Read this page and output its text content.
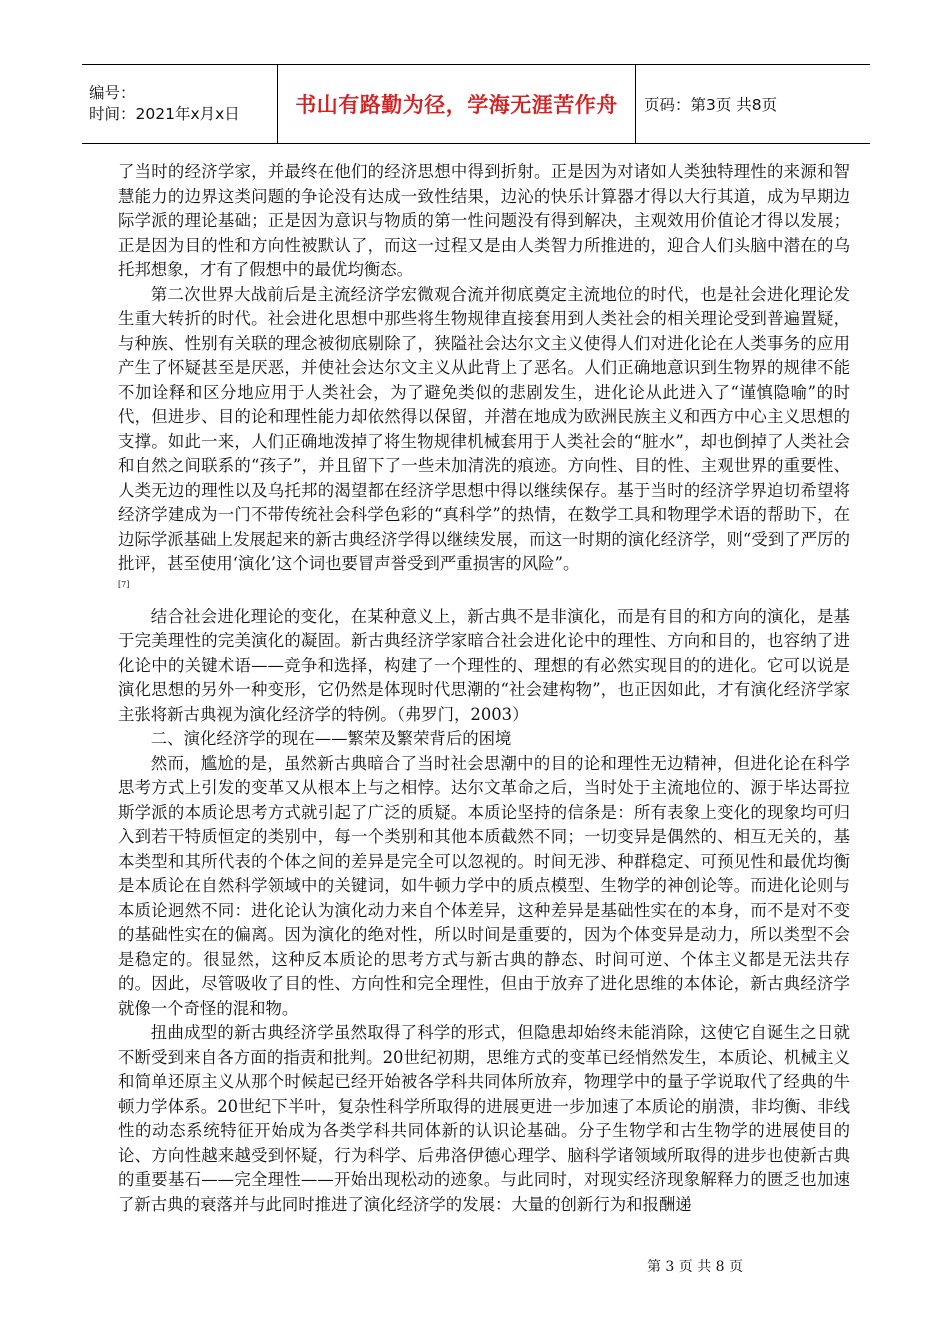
编号：
时间：2021年x月x日	书山有路勤为径，学海无涯苦作舟	页码：第3页 共8页

了当时的经济学家，并最终在他们的经济思想中得到折射。正是因为对诸如人类独特理性的来源和智慧能力的边界这类问题的争论没有达成一致性结果，边沁的快乐计算器才得以大行其道，成为早期边际学派的理论基础；正是因为意识与物质的第一性问题没有得到解决，主观效用价值论才得以发展；正是因为目的性和方向性被默认了，而这一过程又是由人类智力所推进的，迎合人们头脑中潜在的乌托邦想象，才有了假想中的最优均衡态。

第二次世界大战前后是主流经济学宏微观合流并彻底奠定主流地位的时代，也是社会进化理论发生重大转折的时代。社会进化思想中那些将生物规律直接套用到人类社会的相关理论受到普遍置疑，与种族、性别有关联的理念被彻底剔除了，狭隘社会达尔文主义使得人们对进化论在人类事务的应用产生了怀疑甚至是厌恶，并使社会达尔文主义从此背上了恶名。人们正确地意识到生物界的规律不能不加诠释和区分地应用于人类社会，为了避免类似的悲剧发生，进化论从此进入了“谨慎隐喻”的时代，但进步、目的论和理性能力却依然得以保留，并潜在地成为欧洲民族主义和西方中心主义思想的支撑。如此一来，人们正确地泼掉了将生物规律机械套用于人类社会的“脏水”，却也倒掉了人类社会和自然之间联系的“孩子”，并且留下了一些未加清洗的痕迹。方向性、目的性、主观世界的重要性、人类无边的理性以及乌托邦的渴望都在经济学思想中得以继续保存。基于当时的经济学界迫切希望将经济学建成为一门不带传统社会科学色彩的“真科学”的热情，在数学工具和物理学术语的帮助下，在边际学派基础上发展起来的新古典经济学得以继续发展，而这一时期的演化经济学，则“受到了严厉的批评，甚至使用‘演化’这个词也要冒声誉受到严重损害的风险”。

[7]

结合社会进化理论的变化，在某种意义上，新古典不是非演化，而是有目的和方向的演化，是基于完美理性的完美演化的凝固。新古典经济学家暗合社会进化论中的理性、方向和目的，也容纳了进化论中的关键术语——竞争和选择，构建了一个理性的、理想的有必然实现目的的进化。它可以说是演化思想的另外一种变形，它仍然是体现时代思潮的“社会建构物”，也正因如此，才有演化经济学家主张将新古典视为演化经济学的特例。（弗罗门，2003）

二、演化经济学的现在——繁荣及繁荣背后的困境

然而，尴尬的是，虽然新古典暗合了当时社会思潮中的目的论和理性无边精神，但进化论在科学思考方式上引发的变革又从根本上与之相悖。达尔文革命之后，当时处于主流地位的、源于毕达哥拉斯学派的本质论思考方式就引起了广泛的质疑。本质论坚持的信条是：所有表象上变化的现象均可归入到若干特质恒定的类别中，每一个类别和其他本质截然不同；一切变异是偶然的、相互无关的，基本类型和其所代表的个体之间的差异是完全可以忽视的。时间无涉、种群稳定、可预见性和最优均衡是本质论在自然科学领域中的关键词，如牛顿力学中的质点模型、生物学的神创论等。而进化论则与本质论迥然不同：进化论认为演化动力来自个体差异，这种差异是基础性实在的本身，而不是对不变的基础性实在的偏离。因为演化的绝对性，所以时间是重要的，因为个体变异是动力，所以类型不会是稳定的。很显然，这种反本质论的思考方式与新古典的静态、时间可逆、个体主义都是无法共存的。因此，尽管吸收了目的性、方向性和完全理性，但由于放弃了进化思维的本体论，新古典经济学就像一个奇怪的混和物。

扭曲成型的新古典经济学虽然取得了科学的形式，但隐患却始终未能消除，这使它自诞生之日就不断受到来自各方面的指责和批判。20世纪初期，思维方式的变革已经悄然发生，本质论、机械主义和简单还原主义从那个时候起已经开始被各学科共同体所放弃，物理学中的量子学说取代了经典的牛顿力学体系。20世纪下半叶，复杂性科学所取得的进展更进一步加速了本质论的崩溃，非均衡、非线性的动态系统特征开始成为各类学科共同体新的认识论基础。分子生物学和古生物学的进展使目的论、方向性越来越受到怀疑，行为科学、后弗洛伊德心理学、脑科学诸领域所取得的进步也使新古典的重要基石——完全理性——开始出现松动的迹象。与此同时，对现实经济现象解释力的匮乏也加速了新古典的衰落并与此同时推进了演化经济学的发展：大量的创新行为和报酬递

第 3 页 共 8 页
